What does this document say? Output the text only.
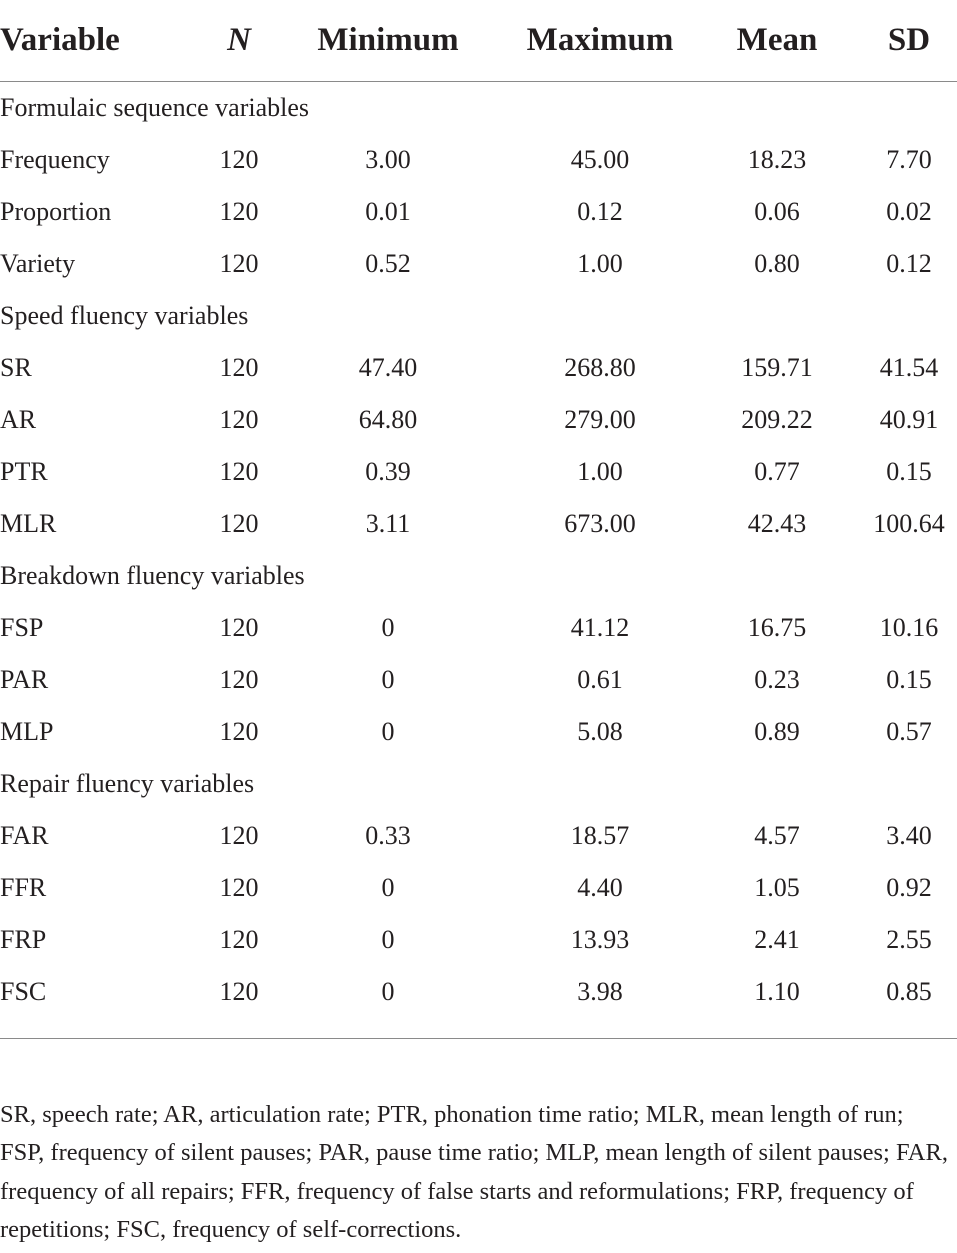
Variable	N Minimum Maximum Mean SD
Formulaic sequence variables
Frequency	120	3.00	45.00	18.23	7.70
Proportion	120	0.01	0.12	0.06	0.02
Variety	120	0.52	1.00	0.80	0.12
Speed fluency variables
SR	120	47.40	268.80	159.71	41.54
AR	120	64.80	279.00	209.22	40.91
PTR	120	0.39	1.00	0.77	0.15
MLR	120	3.11	673.00	42.43	100.64
Breakdown fluency variables
FSP	120	0	41.12	16.75	10.16
PAR	120	0	0.61	0.23	0.15
MLP	120	0	5.08	0.89	0.57
Repair fluency variables
FAR	120	0.33	18.57	4.57	3.40
FFR	120	0	4.40	1.05	0.92
FRP	120	0	13.93	2.41	2.55
FSC	120	0	3.98	1.10	0.85
SR, speech rate; AR, articulation rate; PTR, phonation time ratio; MLR, mean length of run; FSP, frequency of silent pauses; PAR, pause time ratio; MLP, mean length of silent pauses; FAR, frequency of all repairs; FFR, frequency of false starts and reformulations; FRP, frequency of repetitions; FSC, frequency of self-corrections.
